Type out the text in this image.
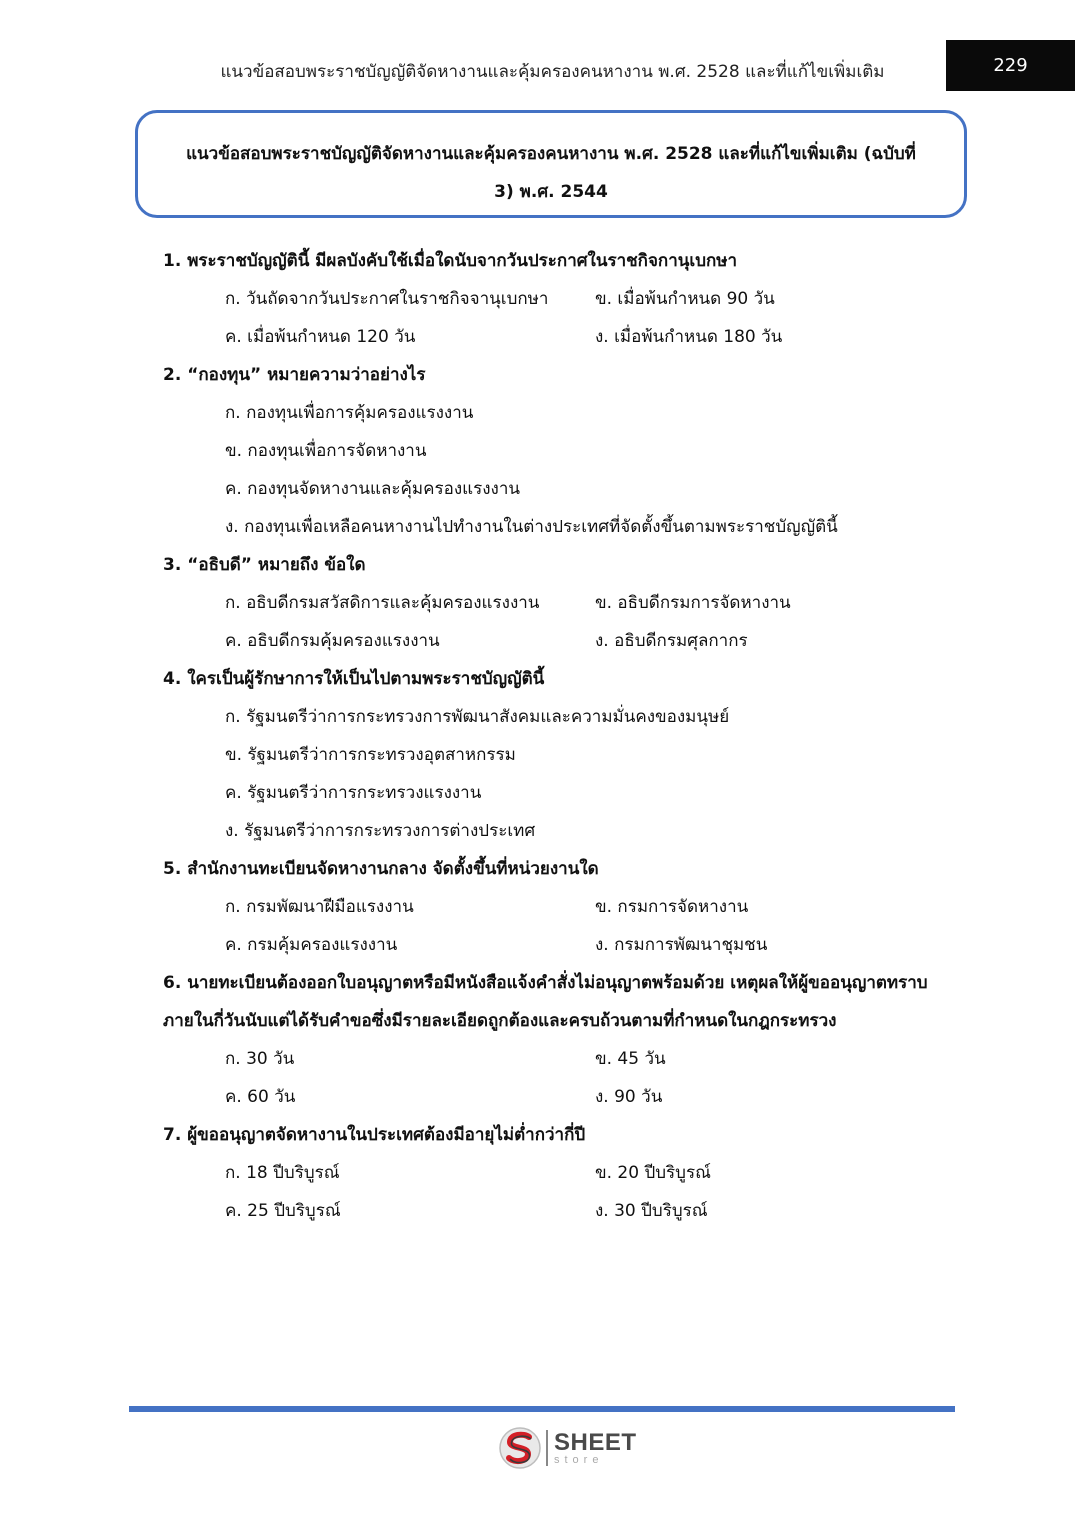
แนวข้อสอบพระราชบัญญัติจัดหางานและคุ้มครองคนหางาน พ.ศ. 2528 และที่แก้ไขเพิ่มเติม	229
แนวข้อสอบพระราชบัญญัติจัดหางานและคุ้มครองคนหางาน พ.ศ. 2528 และที่แก้ไขเพิ่มเติม (ฉบับที่
3) พ.ศ. 2544
1. พระราชบัญญัตินี้ มีผลบังคับใช้เมื่อใดนับจากวันประกาศในราชกิจกานุเบกษา
ก. วันถัดจากวันประกาศในราชกิจจานุเบกษา	ข. เมื่อพ้นกำหนด 90 วัน
ค. เมื่อพ้นกำหนด 120 วัน	ง. เมื่อพ้นกำหนด 180 วัน
2. “กองทุน” หมายความว่าอย่างไร
ก. กองทุนเพื่อการคุ้มครองแรงงาน
ข. กองทุนเพื่อการจัดหางาน
ค. กองทุนจัดหางานและคุ้มครองแรงงาน
ง. กองทุนเพื่อเหลือคนหางานไปทำงานในต่างประเทศที่จัดตั้งขึ้นตามพระราชบัญญัตินี้
3. “อธิบดี” หมายถึง ข้อใด
ก. อธิบดีกรมสวัสดิการและคุ้มครองแรงงาน	ข. อธิบดีกรมการจัดหางาน
ค. อธิบดีกรมคุ้มครองแรงงาน	ง. อธิบดีกรมศุลกากร
4. ใครเป็นผู้รักษาการให้เป็นไปตามพระราชบัญญัตินี้
ก. รัฐมนตรีว่าการกระทรวงการพัฒนาสังคมและความมั่นคงของมนุษย์
ข. รัฐมนตรีว่าการกระทรวงอุตสาหกรรม
ค. รัฐมนตรีว่าการกระทรวงแรงงาน
ง. รัฐมนตรีว่าการกระทรวงการต่างประเทศ
5. สำนักงานทะเบียนจัดหางานกลาง จัดตั้งขึ้นที่หน่วยงานใด
ก. กรมพัฒนาฝีมือแรงงาน	ข. กรมการจัดหางาน
ค. กรมคุ้มครองแรงงาน	ง. กรมการพัฒนาชุมชน
6. นายทะเบียนต้องออกใบอนุญาตหรือมีหนังสือแจ้งคำสั่งไม่อนุญาตพร้อมด้วย เหตุผลให้ผู้ขออนุญาตทราบภายในกี่วันนับแต่ได้รับคำขอซึ่งมีรายละเอียดถูกต้องและครบถ้วนตามที่กำหนดในกฎกระทรวง
ก. 30 วัน	ข. 45 วัน
ค. 60 วัน	ง. 90 วัน
7. ผู้ขออนุญาตจัดหางานในประเทศต้องมีอายุไม่ต่ำกว่ากี่ปี
ก. 18 ปีบริบูรณ์	ข. 20 ปีบริบูรณ์
ค. 25 ปีบริบูรณ์	ง. 30 ปีบริบูรณ์
SHEET
store
